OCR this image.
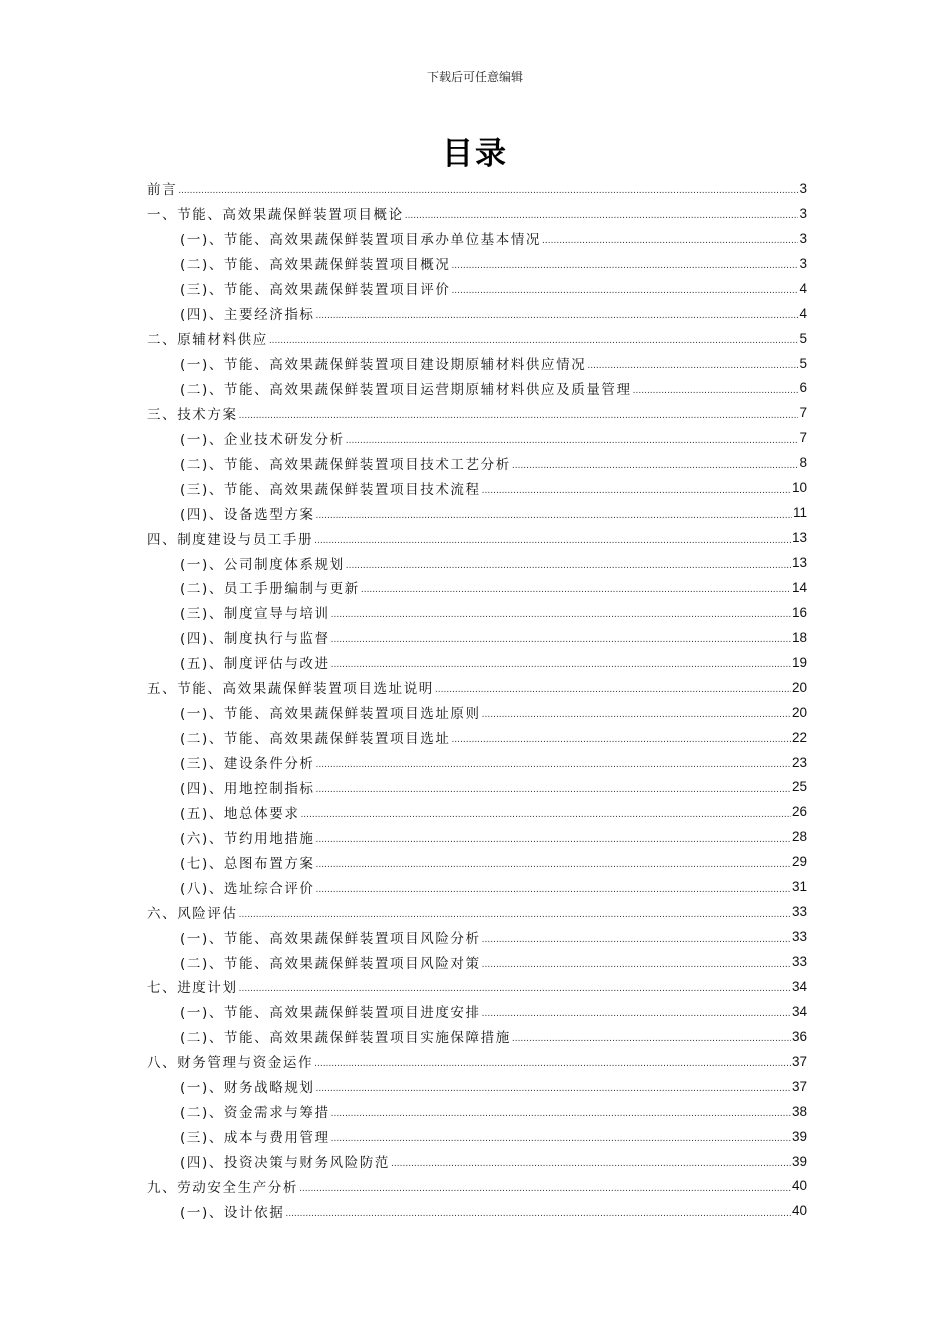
下载后可任意编辑
目录
前言 .....	3
一、节能、高效果蔬保鲜装置项目概论 .....	3
(一)、节能、高效果蔬保鲜装置项目承办单位基本情况 .....	3
(二)、节能、高效果蔬保鲜装置项目概况 .....	3
(三)、节能、高效果蔬保鲜装置项目评价 .....	4
(四)、主要经济指标 .....	4
二、原辅材料供应 .....	5
(一)、节能、高效果蔬保鲜装置项目建设期原辅材料供应情况 .....	5
(二)、节能、高效果蔬保鲜装置项目运营期原辅材料供应及质量管理 .....	6
三、技术方案 .....	7
(一)、企业技术研发分析 .....	7
(二)、节能、高效果蔬保鲜装置项目技术工艺分析 .....	8
(三)、节能、高效果蔬保鲜装置项目技术流程 .....	10
(四)、设备选型方案 .....	11
四、制度建设与员工手册 .....	13
(一)、公司制度体系规划 .....	13
(二)、员工手册编制与更新 .....	14
(三)、制度宣导与培训 .....	16
(四)、制度执行与监督 .....	18
(五)、制度评估与改进 .....	19
五、节能、高效果蔬保鲜装置项目选址说明 .....	20
(一)、节能、高效果蔬保鲜装置项目选址原则 .....	20
(二)、节能、高效果蔬保鲜装置项目选址 .....	22
(三)、建设条件分析 .....	23
(四)、用地控制指标 .....	25
(五)、地总体要求 .....	26
(六)、节约用地措施 .....	28
(七)、总图布置方案 .....	29
(八)、选址综合评价 .....	31
六、风险评估 .....	33
(一)、节能、高效果蔬保鲜装置项目风险分析 .....	33
(二)、节能、高效果蔬保鲜装置项目风险对策 .....	33
七、进度计划 .....	34
(一)、节能、高效果蔬保鲜装置项目进度安排 .....	34
(二)、节能、高效果蔬保鲜装置项目实施保障措施 .....	36
八、财务管理与资金运作 .....	37
(一)、财务战略规划 .....	37
(二)、资金需求与筹措 .....	38
(三)、成本与费用管理 .....	39
(四)、投资决策与财务风险防范 .....	39
九、劳动安全生产分析 .....	40
(一)、设计依据 .....	40
